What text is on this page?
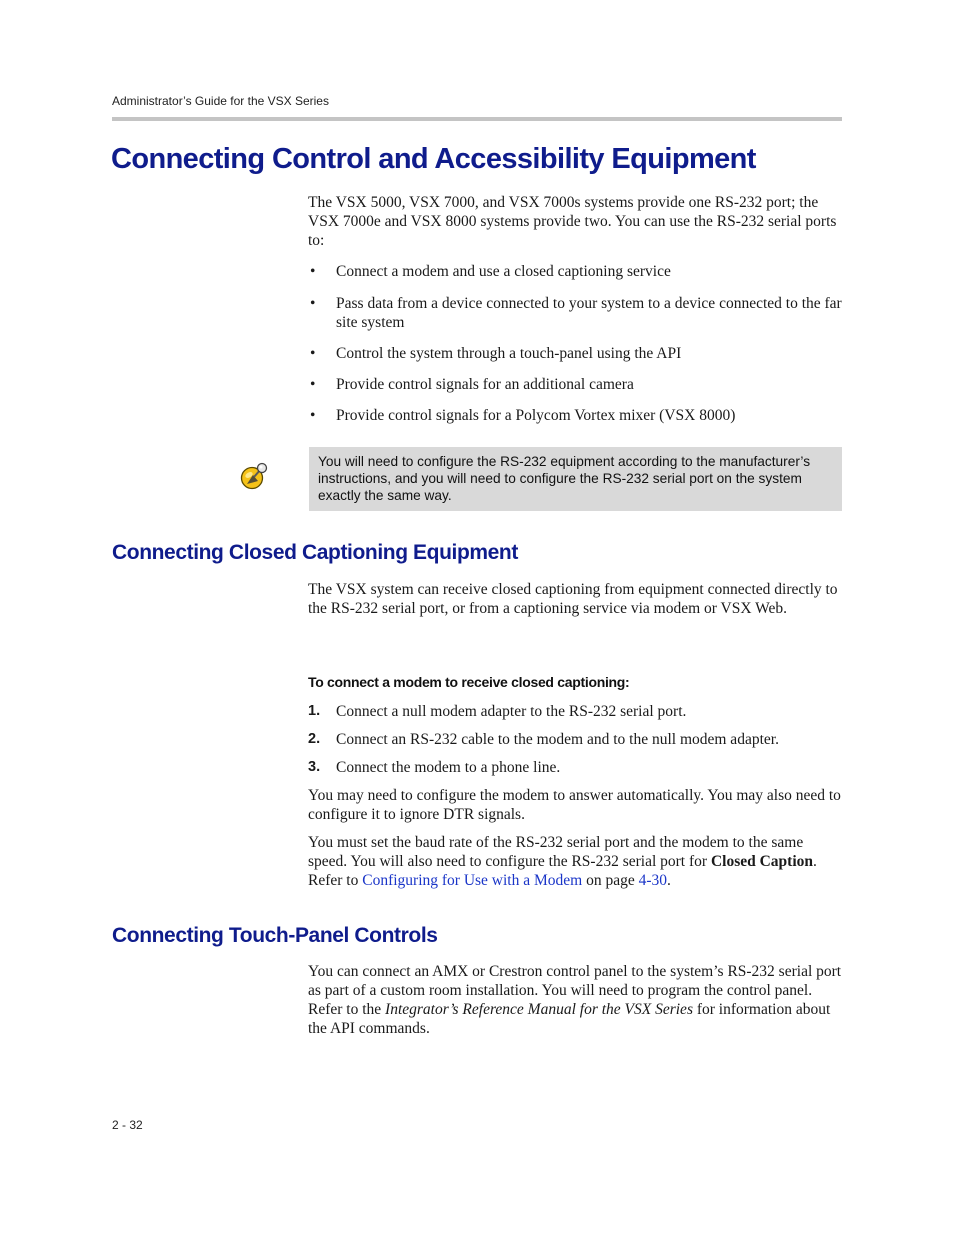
Administrator’s Guide for the VSX Series
Connecting Control and Accessibility Equipment

The VSX 5000, VSX 7000, and VSX 7000s systems provide one RS-232 port; the VSX 7000e and VSX 8000 systems provide two. You can use the RS-232 serial ports to:

• Connect a modem and use a closed captioning service
• Pass data from a device connected to your system to a device connected to the far site system
• Control the system through a touch-panel using the API
• Provide control signals for an additional camera
• Provide control signals for a Polycom Vortex mixer (VSX 8000)

You will need to configure the RS-232 equipment according to the manufacturer’s instructions, and you will need to configure the RS-232 serial port on the system exactly the same way.

Connecting Closed Captioning Equipment

The VSX system can receive closed captioning from equipment connected directly to the RS-232 serial port, or from a captioning service via modem or VSX Web.

To connect a modem to receive closed captioning:
1. Connect a null modem adapter to the RS-232 serial port.
2. Connect an RS-232 cable to the modem and to the null modem adapter.
3. Connect the modem to a phone line.

You may need to configure the modem to answer automatically. You may also need to configure it to ignore DTR signals.

You must set the baud rate of the RS-232 serial port and the modem to the same speed. You will also need to configure the RS-232 serial port for Closed Caption. Refer to Configuring for Use with a Modem on page 4-30.

Connecting Touch-Panel Controls

You can connect an AMX or Crestron control panel to the system’s RS-232 serial port as part of a custom room installation. You will need to program the control panel. Refer to the Integrator’s Reference Manual for the VSX Series for information about the API commands.

2 - 32
